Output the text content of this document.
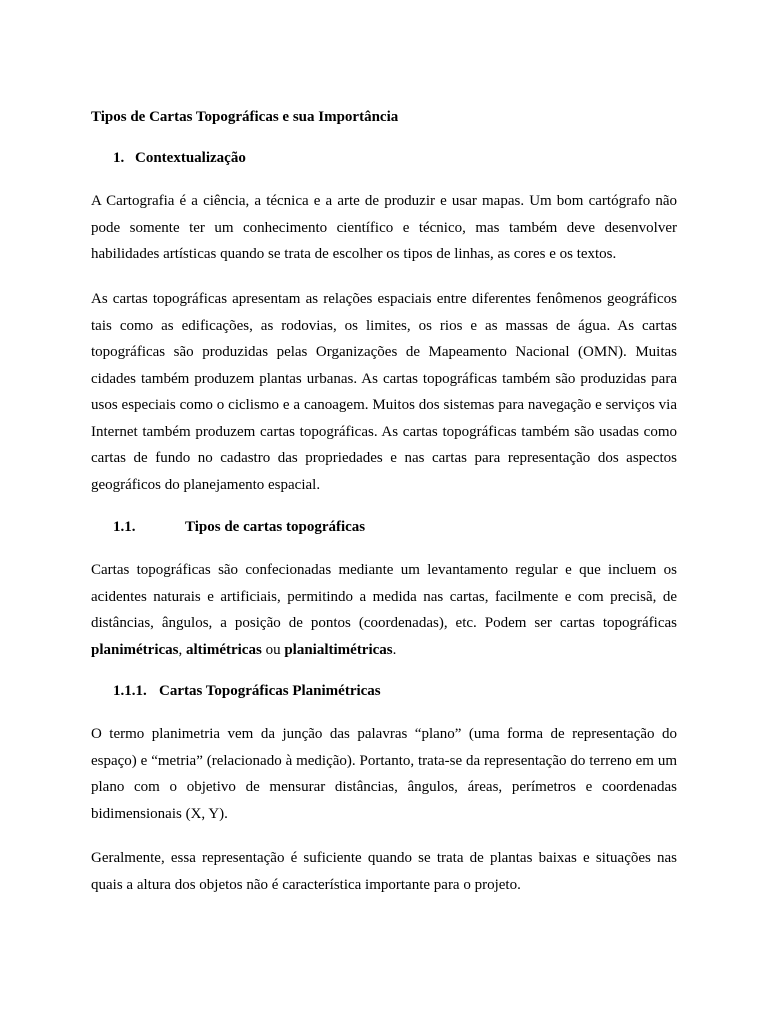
Tipos de Cartas Topográficas e sua Importância
1. Contextualização
A Cartografia é a ciência, a técnica e a arte de produzir e usar mapas. Um bom cartógrafo não
pode somente ter um conhecimento científico e técnico, mas também deve desenvolver
habilidades artísticas quando se trata de escolher os tipos de linhas, as cores e os textos.
As cartas topográficas apresentam as relações espaciais entre diferentes fenômenos geográficos
tais como as edificações, as rodovias, os limites, os rios e as massas de água. As cartas
topográficas são produzidas pelas Organizações de Mapeamento Nacional (OMN). Muitas
cidades também produzem plantas urbanas. As cartas topográficas também são produzidas para
usos especiais como o ciclismo e a canoagem. Muitos dos sistemas para navegação e serviços via
Internet também produzem cartas topográficas. As cartas topográficas também são usadas como
cartas de fundo no cadastro das propriedades e nas cartas para representação dos aspectos
geográficos do planejamento espacial.
1.1.	Tipos de cartas topográficas
Cartas topográficas são confecionadas mediante um levantamento regular e que incluem os
acidentes naturais e artificiais, permitindo a medida nas cartas, facilmente e com precisã, de
distâncias, ângulos, a posição de pontos (coordenadas), etc. Podem ser cartas topográficas
planimétricas, altimétricas ou planialtimétricas.
1.1.1. Cartas Topográficas Planimétricas
O termo planimetria vem da junção das palavras “plano” (uma forma de representação do
espaço) e “metria” (relacionado à medição). Portanto, trata-se da representação do terreno em um
plano com o objetivo de mensurar distâncias, ângulos, áreas, perímetros e coordenadas
bidimensionais (X, Y).
Geralmente, essa representação é suficiente quando se trata de plantas baixas e situações nas
quais a altura dos objetos não é característica importante para o projeto.
